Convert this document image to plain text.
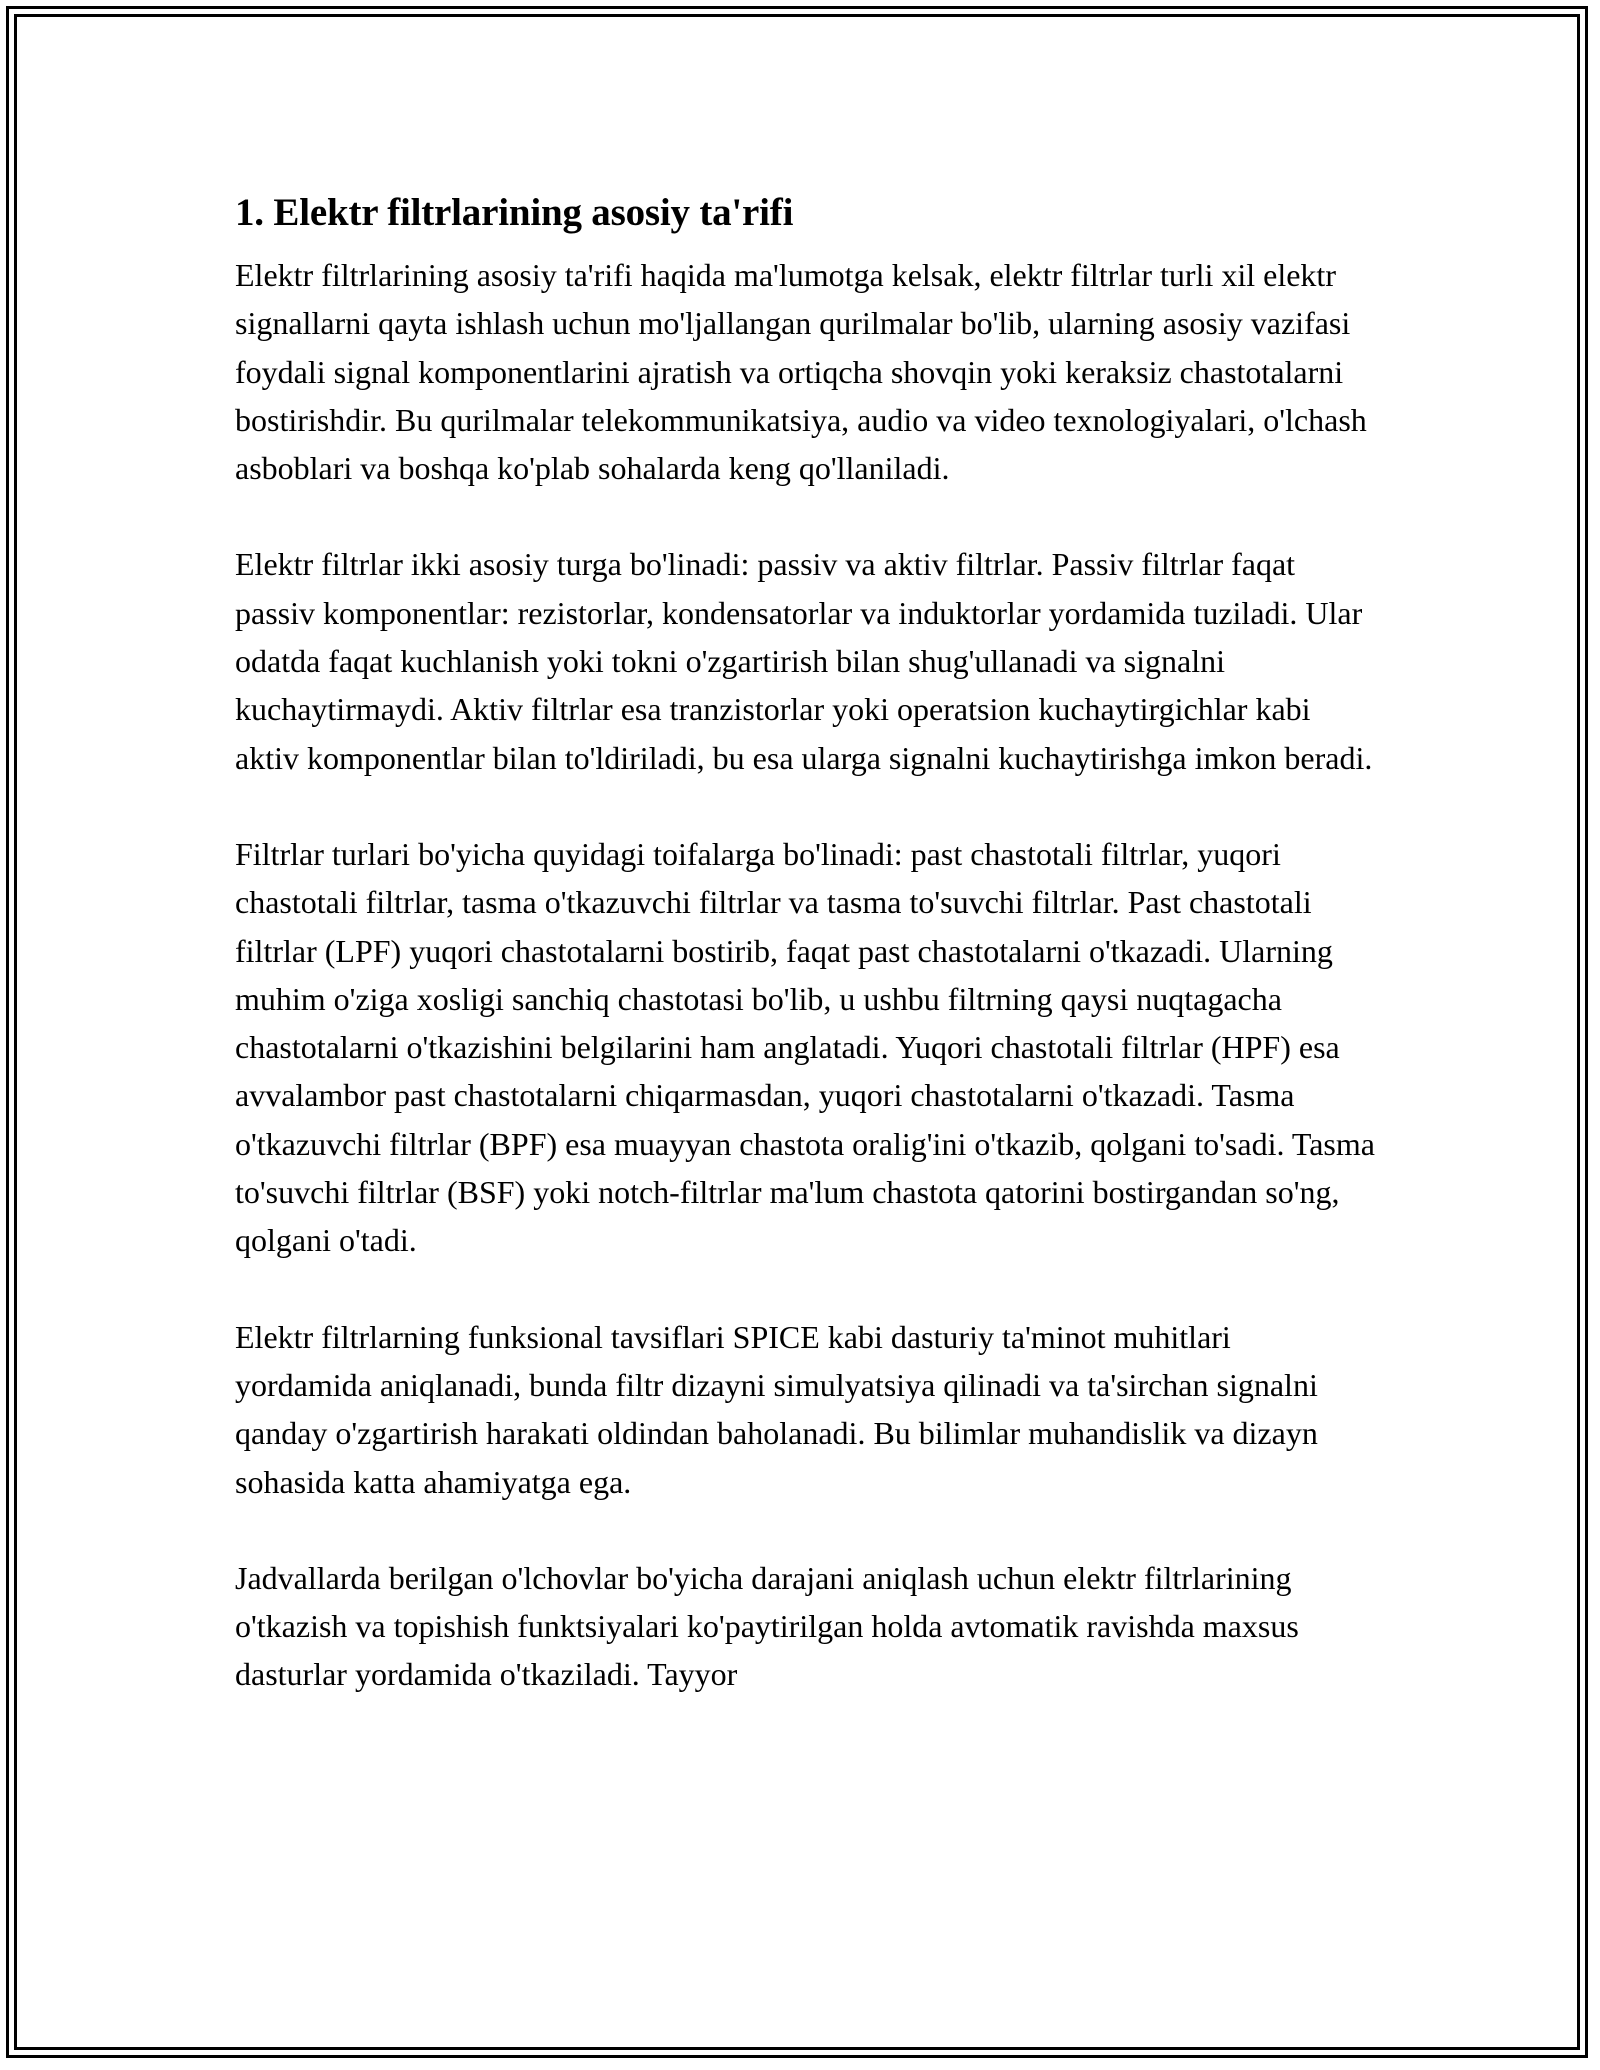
1. Elektr filtrlarining asosiy ta'rifi

Elektr filtrlarining asosiy ta'rifi haqida ma'lumotga kelsak, elektr filtrlar turli xil elektr signallarni qayta ishlash uchun mo'ljallangan qurilmalar bo'lib, ularning asosiy vazifasi foydali signal komponentlarini ajratish va ortiqcha shovqin yoki keraksiz chastotalarni bostirishdir. Bu qurilmalar telekommunikatsiya, audio va video texnologiyalari, o'lchash asboblari va boshqa ko'plab sohalarda keng qo'llaniladi.

Elektr filtrlar ikki asosiy turga bo'linadi: passiv va aktiv filtrlar. Passiv filtrlar faqat passiv komponentlar: rezistorlar, kondensatorlar va induktorlar yordamida tuziladi. Ular odatda faqat kuchlanish yoki tokni o'zgartirish bilan shug'ullanadi va signalni kuchaytirmaydi. Aktiv filtrlar esa tranzistorlar yoki operatsion kuchaytirgichlar kabi aktiv komponentlar bilan to'ldiriladi, bu esa ularga signalni kuchaytirishga imkon beradi.

Filtrlar turlari bo'yicha quyidagi toifalarga bo'linadi: past chastotali filtrlar, yuqori chastotali filtrlar, tasma o'tkazuvchi filtrlar va tasma to'suvchi filtrlar. Past chastotali filtrlar (LPF) yuqori chastotalarni bostirib, faqat past chastotalarni o'tkazadi. Ularning muhim o'ziga xosligi sanchiq chastotasi bo'lib, u ushbu filtrning qaysi nuqtagacha chastotalarni o'tkazishini belgilarini ham anglatadi. Yuqori chastotali filtrlar (HPF) esa avvalambor past chastotalarni chiqarmasdan, yuqori chastotalarni o'tkazadi. Tasma o'tkazuvchi filtrlar (BPF) esa muayyan chastota oralig'ini o'tkazib, qolgani to'sadi. Tasma to'suvchi filtrlar (BSF) yoki notch-filtrlar ma'lum chastota qatorini bostirgandan so'ng, qolgani o'tadi.

Elektr filtrlarning funksional tavsiflari SPICE kabi dasturiy ta'minot muhitlari yordamida aniqlanadi, bunda filtr dizayni simulyatsiya qilinadi va ta'sirchan signalni qanday o'zgartirish harakati oldindan baholanadi. Bu bilimlar muhandislik va dizayn sohasida katta ahamiyatga ega.

Jadvallarda berilgan o'lchovlar bo'yicha darajani aniqlash uchun elektr filtrlarining o'tkazish va topishish funktsiyalari ko'paytirilgan holda avtomatik ravishda maxsus dasturlar yordamida o'tkaziladi. Tayyor
